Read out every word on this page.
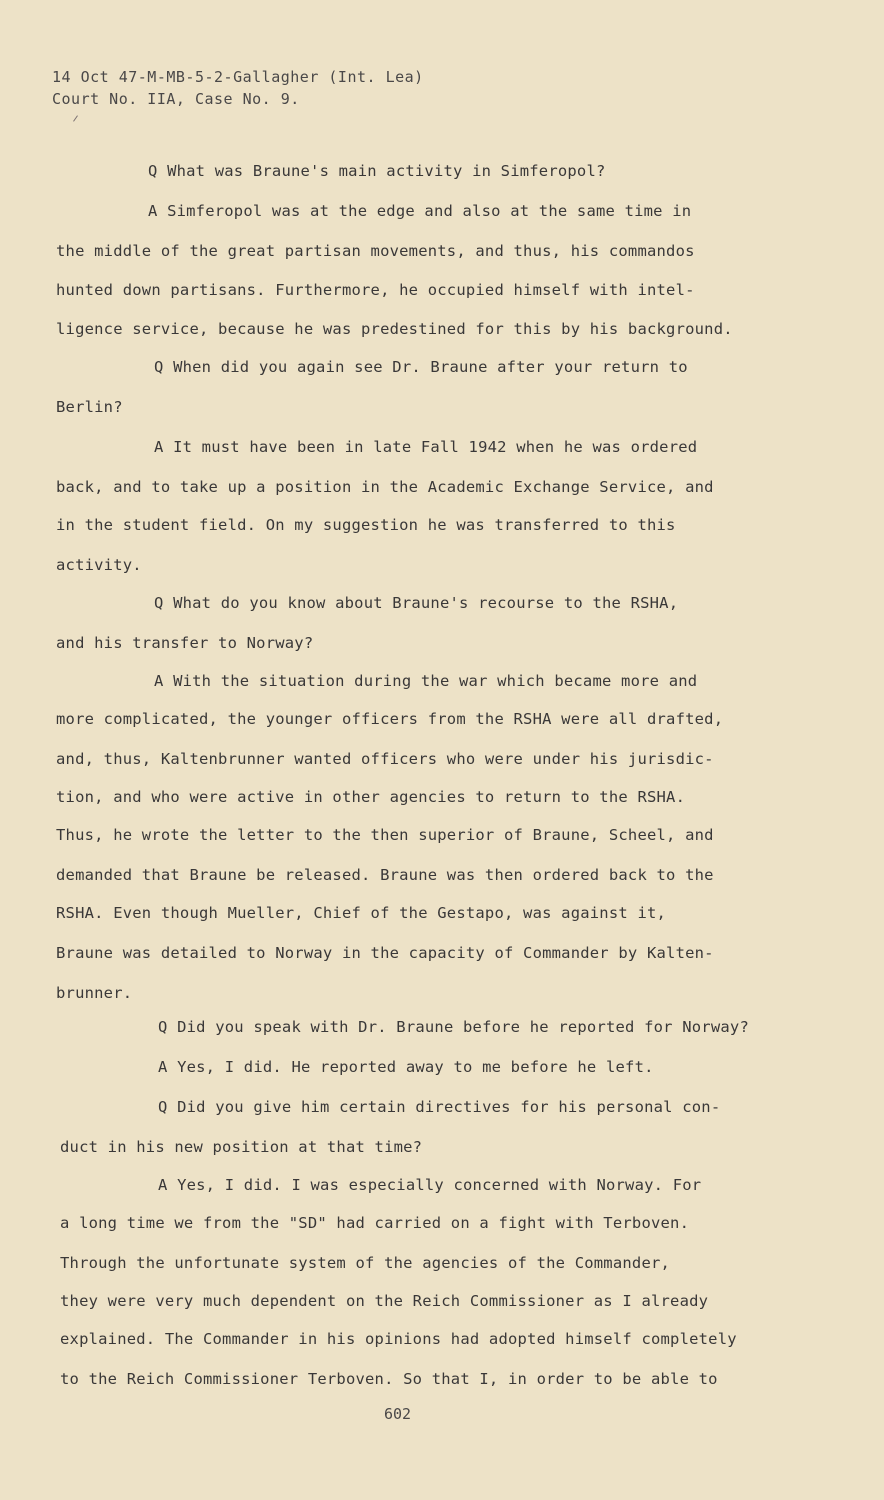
14 Oct 47-M-MB-5-2-Gallagher (Int. Lea)
Court No. IIA, Case No. 9.
Q What was Braune's main activity in Simferopol?
A Simferopol was at the edge and also at the same time in
the middle of the great partisan movements, and thus, his commandos
hunted down partisans. Furthermore, he occupied himself with intel-
ligence service, because he was predestined for this by his background.
Q When did you again see Dr. Braune after your return to
Berlin?
A It must have been in late Fall 1942 when he was ordered
back, and to take up a position in the Academic Exchange Service, and
in the student field. On my suggestion he was transferred to this
activity.
Q What do you know about Braune's recourse to the RSHA,
and his transfer to Norway?
A With the situation during the war which became more and
more complicated, the younger officers from the RSHA were all drafted,
and, thus, Kaltenbrunner wanted officers who were under his jurisdic-
tion, and who were active in other agencies to return to the RSHA.
Thus, he wrote the letter to the then superior of Braune, Scheel, and
demanded that Braune be released. Braune was then ordered back to the
RSHA. Even though Mueller, Chief of the Gestapo, was against it,
Braune was detailed to Norway in the capacity of Commander by Kalten-
brunner.
Q Did you speak with Dr. Braune before he reported for Norway?
A Yes, I did. He reported away to me before he left.
Q Did you give him certain directives for his personal con-
duct in his new position at that time?
A Yes, I did. I was especially concerned with Norway. For
a long time we from the "SD" had carried on a fight with Terboven.
Through the unfortunate system of the agencies of the Commander,
they were very much dependent on the Reich Commissioner as I already
explained. The Commander in his opinions had adopted himself completely
to the Reich Commissioner Terboven. So that I, in order to be able to
602
